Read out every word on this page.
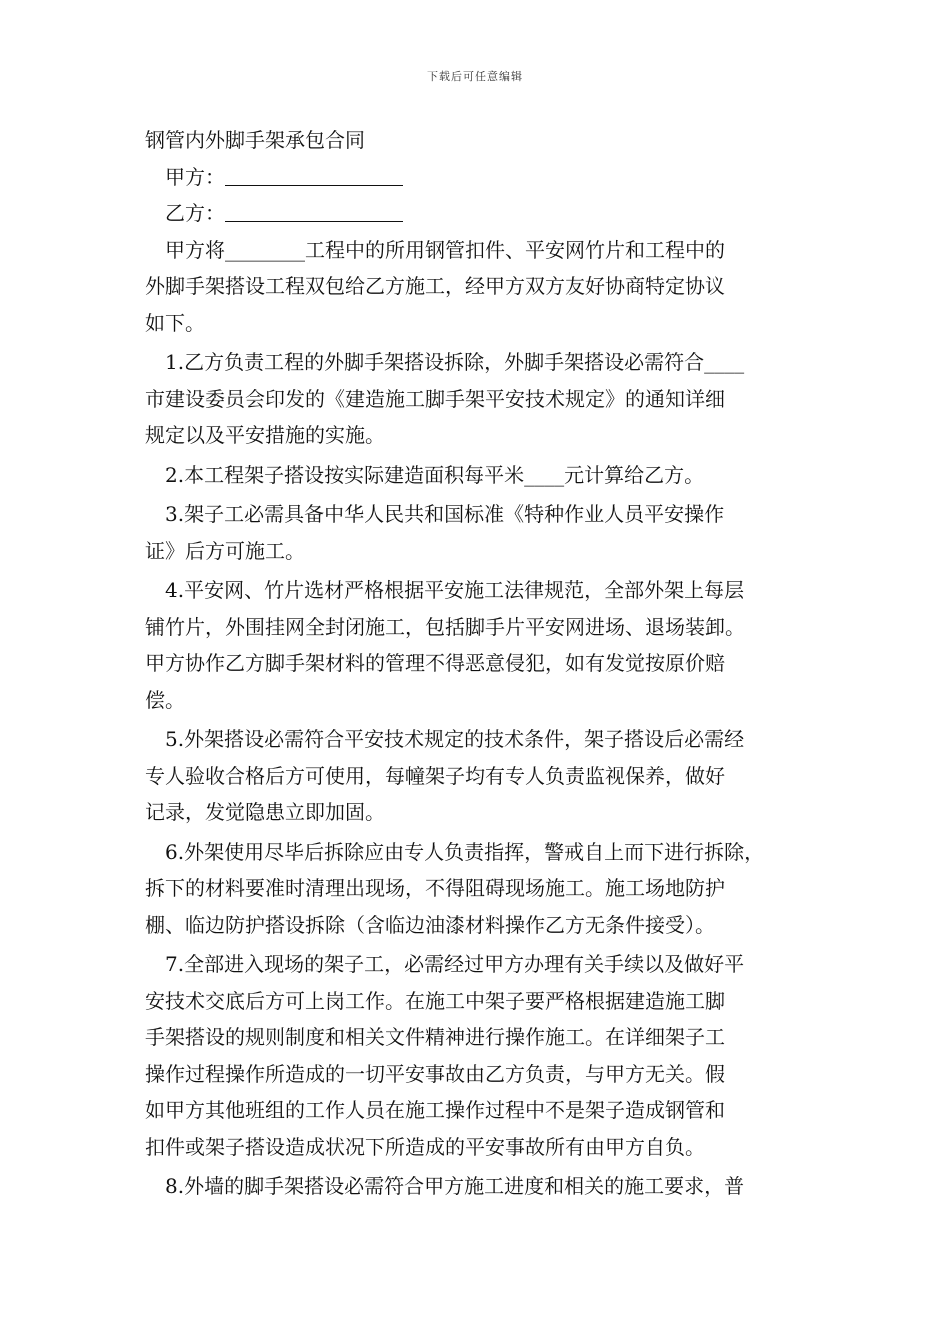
下载后可任意编辑
钢管内外脚手架承包合同
甲方：
乙方：

甲方将________工程中的所用钢管扣件、平安网竹片和工程中的

外脚手架搭设工程双包给乙方施工，经甲方双方友好协商特定协议

如下。

1.乙方负责工程的外脚手架搭设拆除，外脚手架搭设必需符合____

市建设委员会印发的《建造施工脚手架平安技术规定》的通知详细

规定以及平安措施的实施。

2.本工程架子搭设按实际建造面积每平米____元计算给乙方。

3.架子工必需具备中华人民共和国标准《特种作业人员平安操作

证》后方可施工。

4.平安网、竹片选材严格根据平安施工法律规范，全部外架上每层

铺竹片，外围挂网全封闭施工，包括脚手片平安网进场、退场装卸。

甲方协作乙方脚手架材料的管理不得恶意侵犯，如有发觉按原价赔

偿。

5.外架搭设必需符合平安技术规定的技术条件，架子搭设后必需经

专人验收合格后方可使用，每幢架子均有专人负责监视保养，做好

记录，发觉隐患立即加固。

6.外架使用尽毕后拆除应由专人负责指挥，警戒自上而下进行拆除，

拆下的材料要准时清理出现场，不得阻碍现场施工。施工场地防护

棚、临边防护搭设拆除（含临边油漆材料操作乙方无条件接受）。

7.全部进入现场的架子工，必需经过甲方办理有关手续以及做好平

安技术交底后方可上岗工作。在施工中架子要严格根据建造施工脚

手架搭设的规则制度和相关文件精神进行操作施工。在详细架子工

操作过程操作所造成的一切平安事故由乙方负责，与甲方无关。假

如甲方其他班组的工作人员在施工操作过程中不是架子造成钢管和

扣件或架子搭设造成状况下所造成的平安事故所有由甲方自负。

8.外墙的脚手架搭设必需符合甲方施工进度和相关的施工要求，普
